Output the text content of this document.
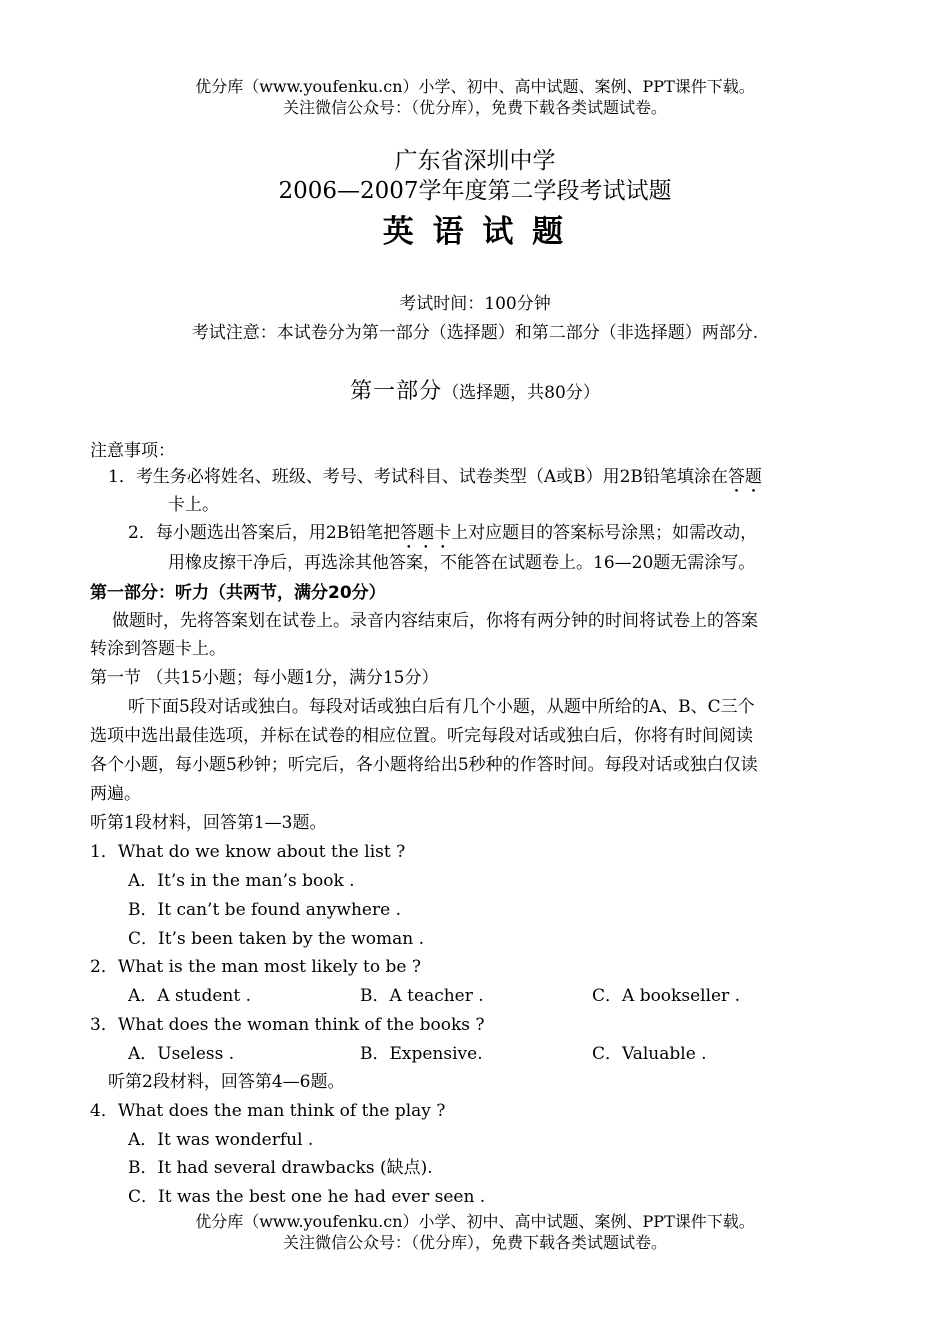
优分库（www.youfenku.cn）小学、初中、高中试题、案例、PPT课件下载。
关注微信公众号：（优分库），免费下载各类试题试卷。
广东省深圳中学
2006—2007学年度第二学段考试试题
英 语 试 题
考试时间：100分钟
考试注意：本试卷分为第一部分（选择题）和第二部分（非选择题）两部分.
第一部分（选择题，共80分）
注意事项：
1．考生务必将姓名、班级、考号、考试科目、试卷类型（A或B）用2B铅笔填涂在答题
卡上。
2．每小题选出答案后，用2B铅笔把答题卡上对应题目的答案标号涂黑；如需改动，
用橡皮擦干净后，再选涂其他答案，不能答在试题卷上。16—20题无需涂写。
第一部分：听力（共两节，满分20分）
做题时，先将答案划在试卷上。录音内容结束后，你将有两分钟的时间将试卷上的答案
转涂到答题卡上。
第一节 （共15小题；每小题1分，满分15分）
听下面5段对话或独白。每段对话或独白后有几个小题，从题中所给的A、B、C三个
选项中选出最佳选项，并标在试卷的相应位置。听完每段对话或独白后，你将有时间阅读
各个小题，每小题5秒钟；听完后，各小题将给出5秒种的作答时间。每段对话或独白仅读
两遍。
听第1段材料，回答第1—3题。
1．What do we know about the list ?
A．It’s in the man’s book .
B．It can’t be found anywhere .
C．It’s been taken by the woman .
2．What is the man most likely to be ?
A．A student .	B．A teacher .	C．A bookseller .
3．What does the woman think of the books ?
A．Useless .	B．Expensive.	C．Valuable .
听第2段材料，回答第4—6题。
4．What does the man think of the play ?
A．It was wonderful .
B．It had several drawbacks (缺点).
C．It was the best one he had ever seen .
优分库（www.youfenku.cn）小学、初中、高中试题、案例、PPT课件下载。
关注微信公众号：（优分库），免费下载各类试题试卷。
